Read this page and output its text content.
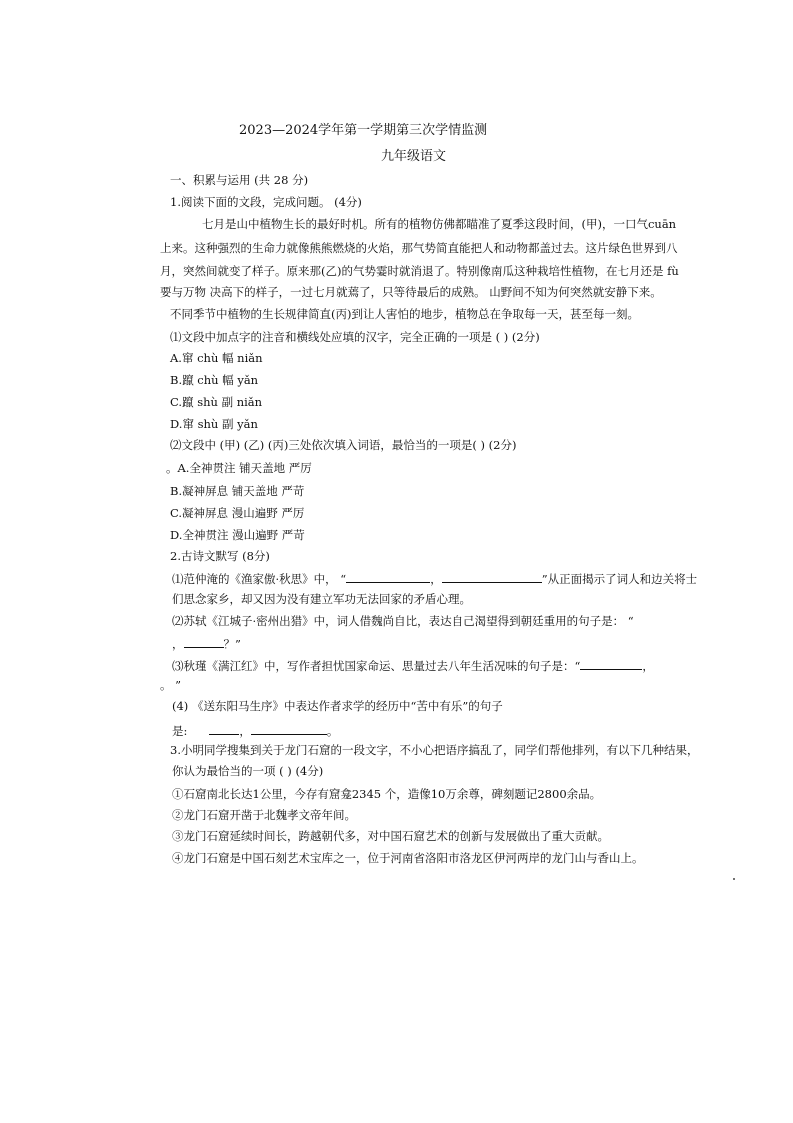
2023—2024学年第一学期第三次学情监测
九年级语文
一、积累与运用 (共 28 分)
1.阅读下面的文段，完成问题。 (4分)
七月是山中植物生长的最好时机。所有的植物仿佛都瞄准了夏季这段时间，(甲)，一口气cuān
上来。这种强烈的生命力就像熊熊燃烧的火焰，那气势简直能把人和动物都盖过去。这片绿色世界到八
月，突然间就变了样子。原来那(乙)的气势霎时就消退了。特别像南瓜这种栽培性植物，在七月还是 fù
要与万物 决高下的样子，一过七月就蔫了，只等待最后的成熟。 山野间不知为何突然就安静下来。
不同季节中植物的生长规律简直(丙)到让人害怕的地步，植物总在争取每一天，甚至每一刻。
⑴文段中加点字的注音和横线处应填的汉字，完全正确的一项是 ( ) (2分)
A.窜 chù 幅 niǎn
B.躥 chù 幅 yǎn
C.躥 shù 副 niǎn
D.窜 shù 副 yǎn
⑵文段中 (甲) (乙) (丙)三处依次填入词语，最恰当的一项是( ) (2分)
。A.全神贯注 铺天盖地 严厉
B.凝神屏息 铺天盖地 严苛
C.凝神屏息 漫山遍野 严厉
D.全神贯注 漫山遍野 严苛
2.古诗文默写 (8分)
⑴范仲淹的《渔家傲·秋思》中， “	，	”从正面揭示了词人和边关将士
们思念家乡，却又因为没有建立军功无法回家的矛盾心理。
⑵苏轼《江城子·密州出猎》中，词人借魏尚自比，表达自己渴望得到朝廷重用的句子是： “
，	？”
⑶秋瑾《满江红》中，写作者担忧国家命运、思量过去八年生活况味的句子是：“	，
。 ”
(4) 《送东阳马生序》中表达作者求学的经历中“苦中有乐”的句子
是:	，	。
3.小明同学搜集到关于龙门石窟的一段文字，不小心把语序搞乱了，同学们帮他排列，有以下几种结果，
你认为最恰当的一项 ( ) (4分)
①石窟南北长达1公里，今存有窟龛2345 个，造像10万余尊，碑刻题记2800余品。
②龙门石窟开凿于北魏孝文帝年间。
③龙门石窟延续时间长，跨越朝代多，对中国石窟艺术的创新与发展做出了重大贡献。
④龙门石窟是中国石刻艺术宝库之一，位于河南省洛阳市洛龙区伊河两岸的龙门山与香山上。
